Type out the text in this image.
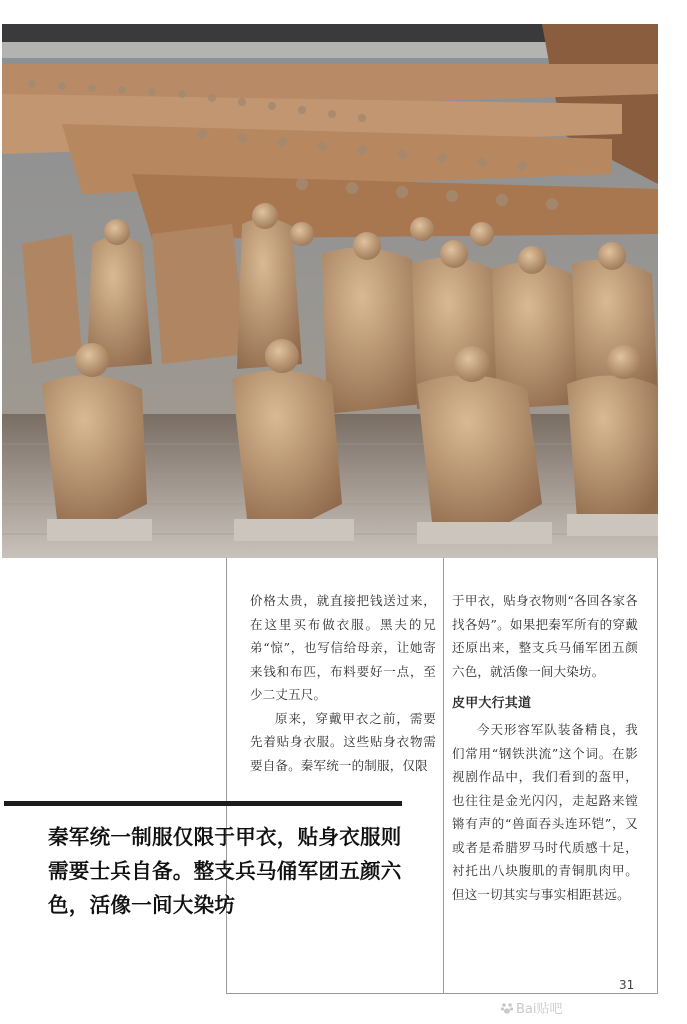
价格太贵，就直接把钱送过来，在这里买布做衣服。黑夫的兄弟“惊”，也写信给母亲，让她寄来钱和布匹，布料要好一点，至少二丈五尺。

原来，穿戴甲衣之前，需要先着贴身衣服。这些贴身衣物需要自备。秦军统一的制服，仅限

于甲衣，贴身衣物则“各回各家各找各妈”。如果把秦军所有的穿戴还原出来，整支兵马俑军团五颜六色，就活像一间大染坊。

皮甲大行其道

今天形容军队装备精良，我们常用“钢铁洪流”这个词。在影视剧作品中，我们看到的盔甲，也往往是金光闪闪，走起路来镗锵有声的“兽面吞头连环铠”，又或者是希腊罗马时代质感十足，衬托出八块腹肌的青铜肌肉甲。但这一切其实与事实相距甚远。

秦军统一制服仅限于甲衣，贴身衣服则需要士兵自备。整支兵马俑军团五颜六色，活像一间大染坊
31
Bai贴吧
